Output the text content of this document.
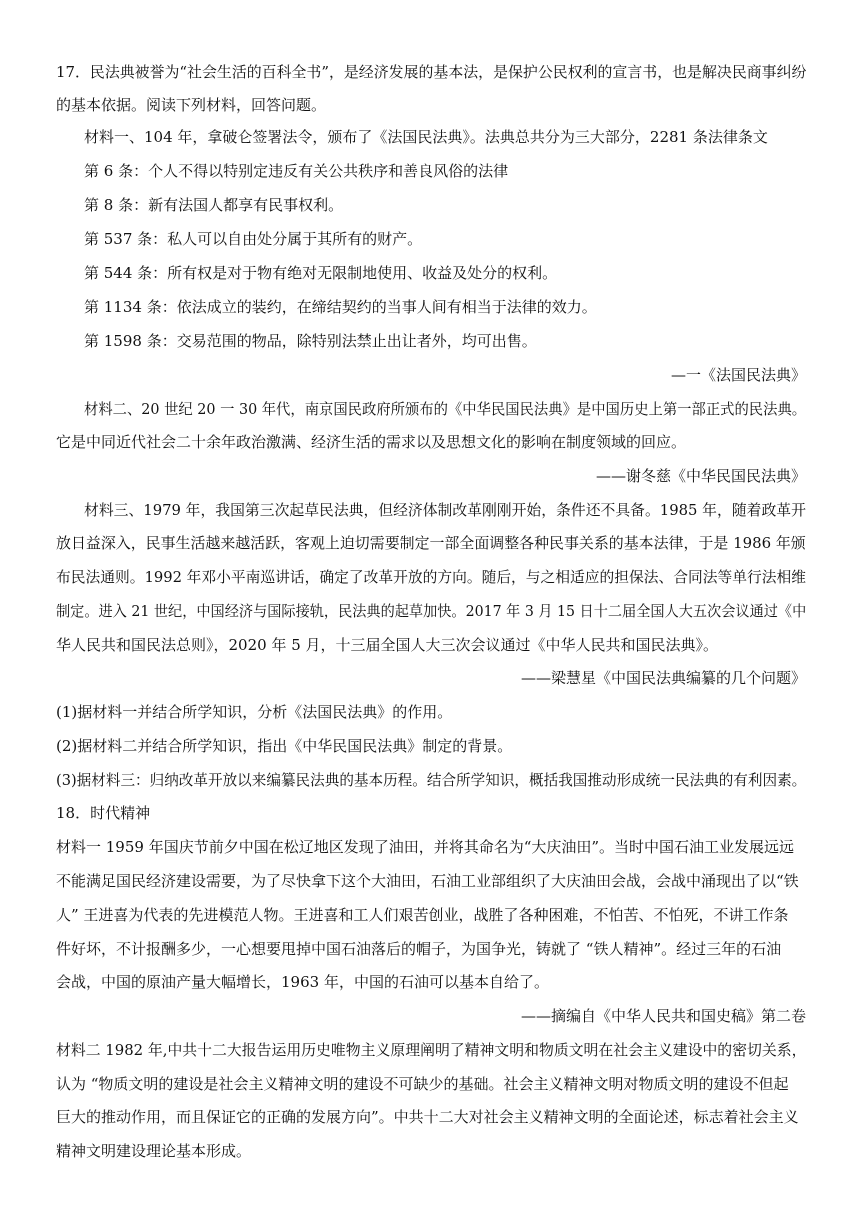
17．民法典被誉为“社会生活的百科全书”，是经济发展的基本法，是保护公民权利的宣言书，也是解决民商事纠纷
的基本依据。阅读下列材料，回答问题。
材料一、104 年，拿破仑签署法令，颁布了《法国民法典》。法典总共分为三大部分，2281 条法律条文
第 6 条：个人不得以特别定违反有关公共秩序和善良风俗的法律
第 8 条：新有法国人都享有民事权利。
第 537 条：私人可以自由处分属于其所有的财产。
第 544 条：所有权是对于物有绝对无限制地使用、收益及处分的权利。
第 1134 条：依法成立的装约，在缔结契约的当事人间有相当于法律的效力。
第 1598 条：交易范围的物品，除特别法禁止出让者外，均可出售。
—一《法国民法典》
材料二、20 世纪 20 一 30 年代，南京国民政府所颁布的《中华民国民法典》是中国历史上第一部正式的民法典。
它是中同近代社会二十余年政治激满、经济生活的需求以及思想文化的影响在制度领域的回应。
——谢冬慈《中华民国民法典》
材料三、1979 年，我国第三次起草民法典，但经济体制改革刚刚开始，条件还不具备。1985 年，随着政革开
放日益深入，民事生活越来越活跃，客观上迫切需要制定一部全面调整各种民事关系的基本法律，于是 1986 年颁
布民法通则。1992 年邓小平南巡讲话，确定了改革开放的方向。随后，与之相适应的担保法、合同法等单行法相维
制定。进入 21 世纪，中国经济与国际接轨，民法典的起草加快。2017 年 3 月 15 日十二届全国人大五次会议通过《中
华人民共和国民法总则》，2020 年 5 月，十三届全国人大三次会议通过《中华人民共和国民法典》。
——梁慧星《中国民法典编纂的几个问题》
(1)据材料一并结合所学知识，分析《法国民法典》的作用。
(2)据材料二并结合所学知识，指出《中华民国民法典》制定的背景。
(3)据材料三：归纳改革开放以来编纂民法典的基本历程。结合所学知识，概括我国推动形成统一民法典的有利因素。
18．时代精神
材料一 1959 年国庆节前夕中国在松辽地区发现了油田，并将其命名为“大庆油田”。当时中国石油工业发展远远
不能满足国民经济建设需要，为了尽快拿下这个大油田，石油工业部组织了大庆油田会战，会战中涌现出了以“铁
人” 王进喜为代表的先进模范人物。王进喜和工人们艰苦创业，战胜了各种困难，不怕苦、不怕死，不讲工作条
件好坏，不计报酬多少，一心想要甩掉中国石油落后的帽子，为国争光，铸就了 “铁人精神”。经过三年的石油
会战，中国的原油产量大幅增长，1963 年，中国的石油可以基本自给了。
——摘编自《中华人民共和国史稿》第二卷
材料二 1982 年,中共十二大报告运用历史唯物主义原理阐明了精神文明和物质文明在社会主义建设中的密切关系，
认为 “物质文明的建设是社会主义精神文明的建设不可缺少的基础。社会主义精神文明对物质文明的建设不但起
巨大的推动作用，而且保证它的正确的发展方向”。中共十二大对社会主义精神文明的全面论述，标志着社会主义
精神文明建设理论基本形成。
